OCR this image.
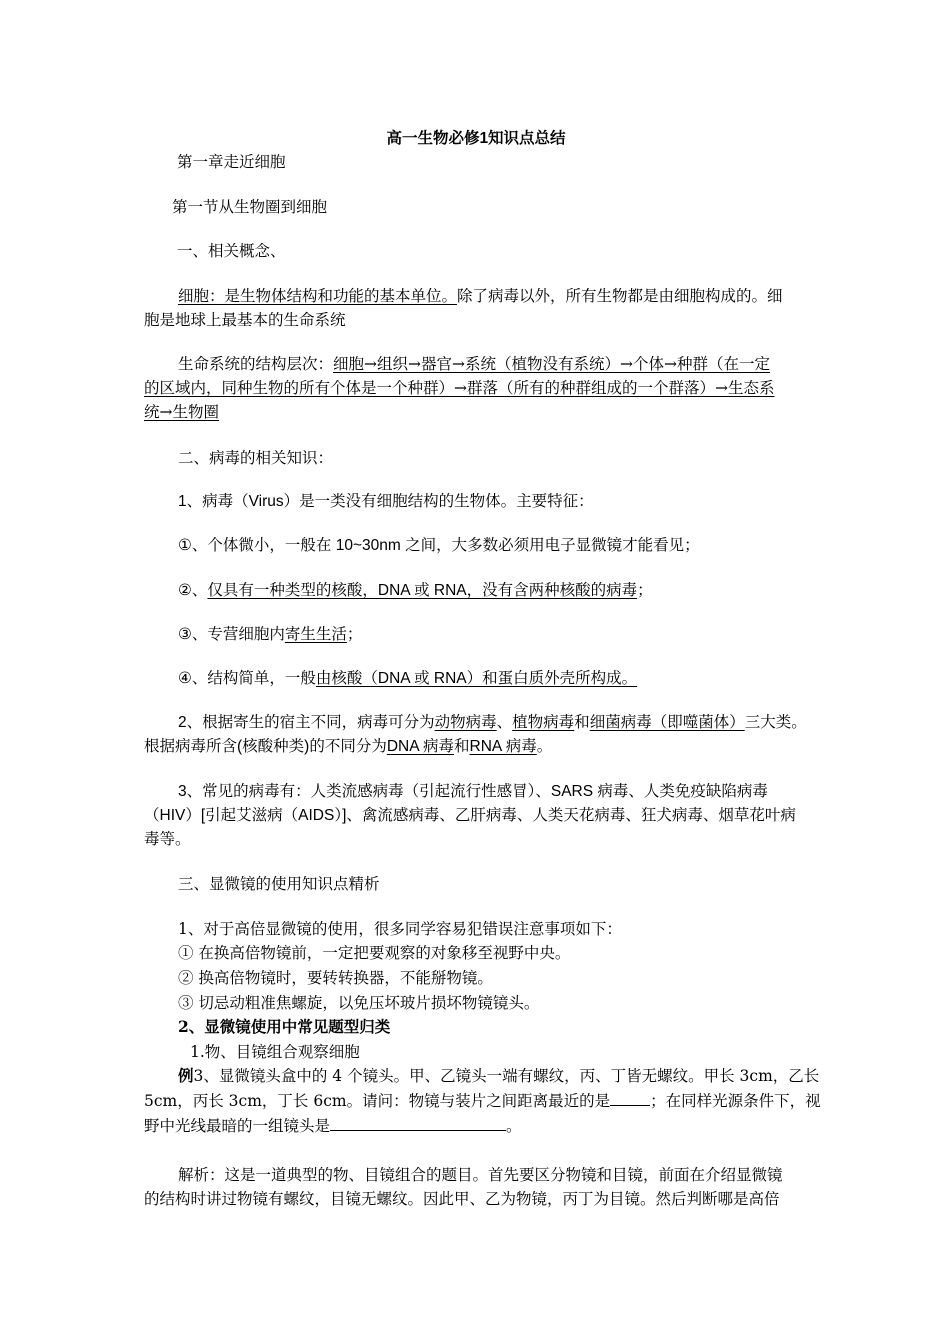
高一生物必修1知识点总结
第一章走近细胞
第一节从生物圈到细胞
一、相关概念、
细胞：是生物体结构和功能的基本单位。除了病毒以外，所有生物都是由细胞构成的。细
胞是地球上最基本的生命系统
生命系统的结构层次：细胞→组织→器官→系统（植物没有系统）→个体→种群（在一定
的区域内，同种生物的所有个体是一个种群）→群落（所有的种群组成的一个群落）→生态系
统→生物圈
二、病毒的相关知识：
1、病毒（Virus）是一类没有细胞结构的生物体。主要特征：
①、个体微小，一般在 10~30nm 之间，大多数必须用电子显微镜才能看见；
②、仅具有一种类型的核酸，DNA 或 RNA，没有含两种核酸的病毒；
③、专营细胞内寄生生活；
④、结构简单，一般由核酸（DNA 或 RNA）和蛋白质外壳所构成。
2、根据寄生的宿主不同，病毒可分为动物病毒、植物病毒和细菌病毒（即噬菌体）三大类。
根据病毒所含(核酸种类)的不同分为DNA 病毒和RNA 病毒。
3、常见的病毒有：人类流感病毒（引起流行性感冒）、SARS 病毒、人类免疫缺陷病毒
（HIV）[引起艾滋病（AIDS）]、禽流感病毒、乙肝病毒、人类天花病毒、狂犬病毒、烟草花叶病
毒等。
三、显微镜的使用知识点精析
1、对于高倍显微镜的使用，很多同学容易犯错误注意事项如下：
① 在换高倍物镜前，一定把要观察的对象移至视野中央。
② 换高倍物镜时，要转转换器，不能掰物镜。
③ 切忌动粗准焦螺旋，以免压坏玻片损坏物镜镜头。
2、显微镜使用中常见题型归类
1.物、目镜组合观察细胞
例3、显微镜头盒中的 4 个镜头。甲、乙镜头一端有螺纹，丙、丁皆无螺纹。甲长 3cm，乙长
5cm，丙长 3cm，丁长 6cm。请问：物镜与装片之间距离最近的是	；在同样光源条件下，视
野中光线最暗的一组镜头是	。
解析：这是一道典型的物、目镜组合的题目。首先要区分物镜和目镜，前面在介绍显微镜
的结构时讲过物镜有螺纹，目镜无螺纹。因此甲、乙为物镜，丙丁为目镜。然后判断哪是高倍
